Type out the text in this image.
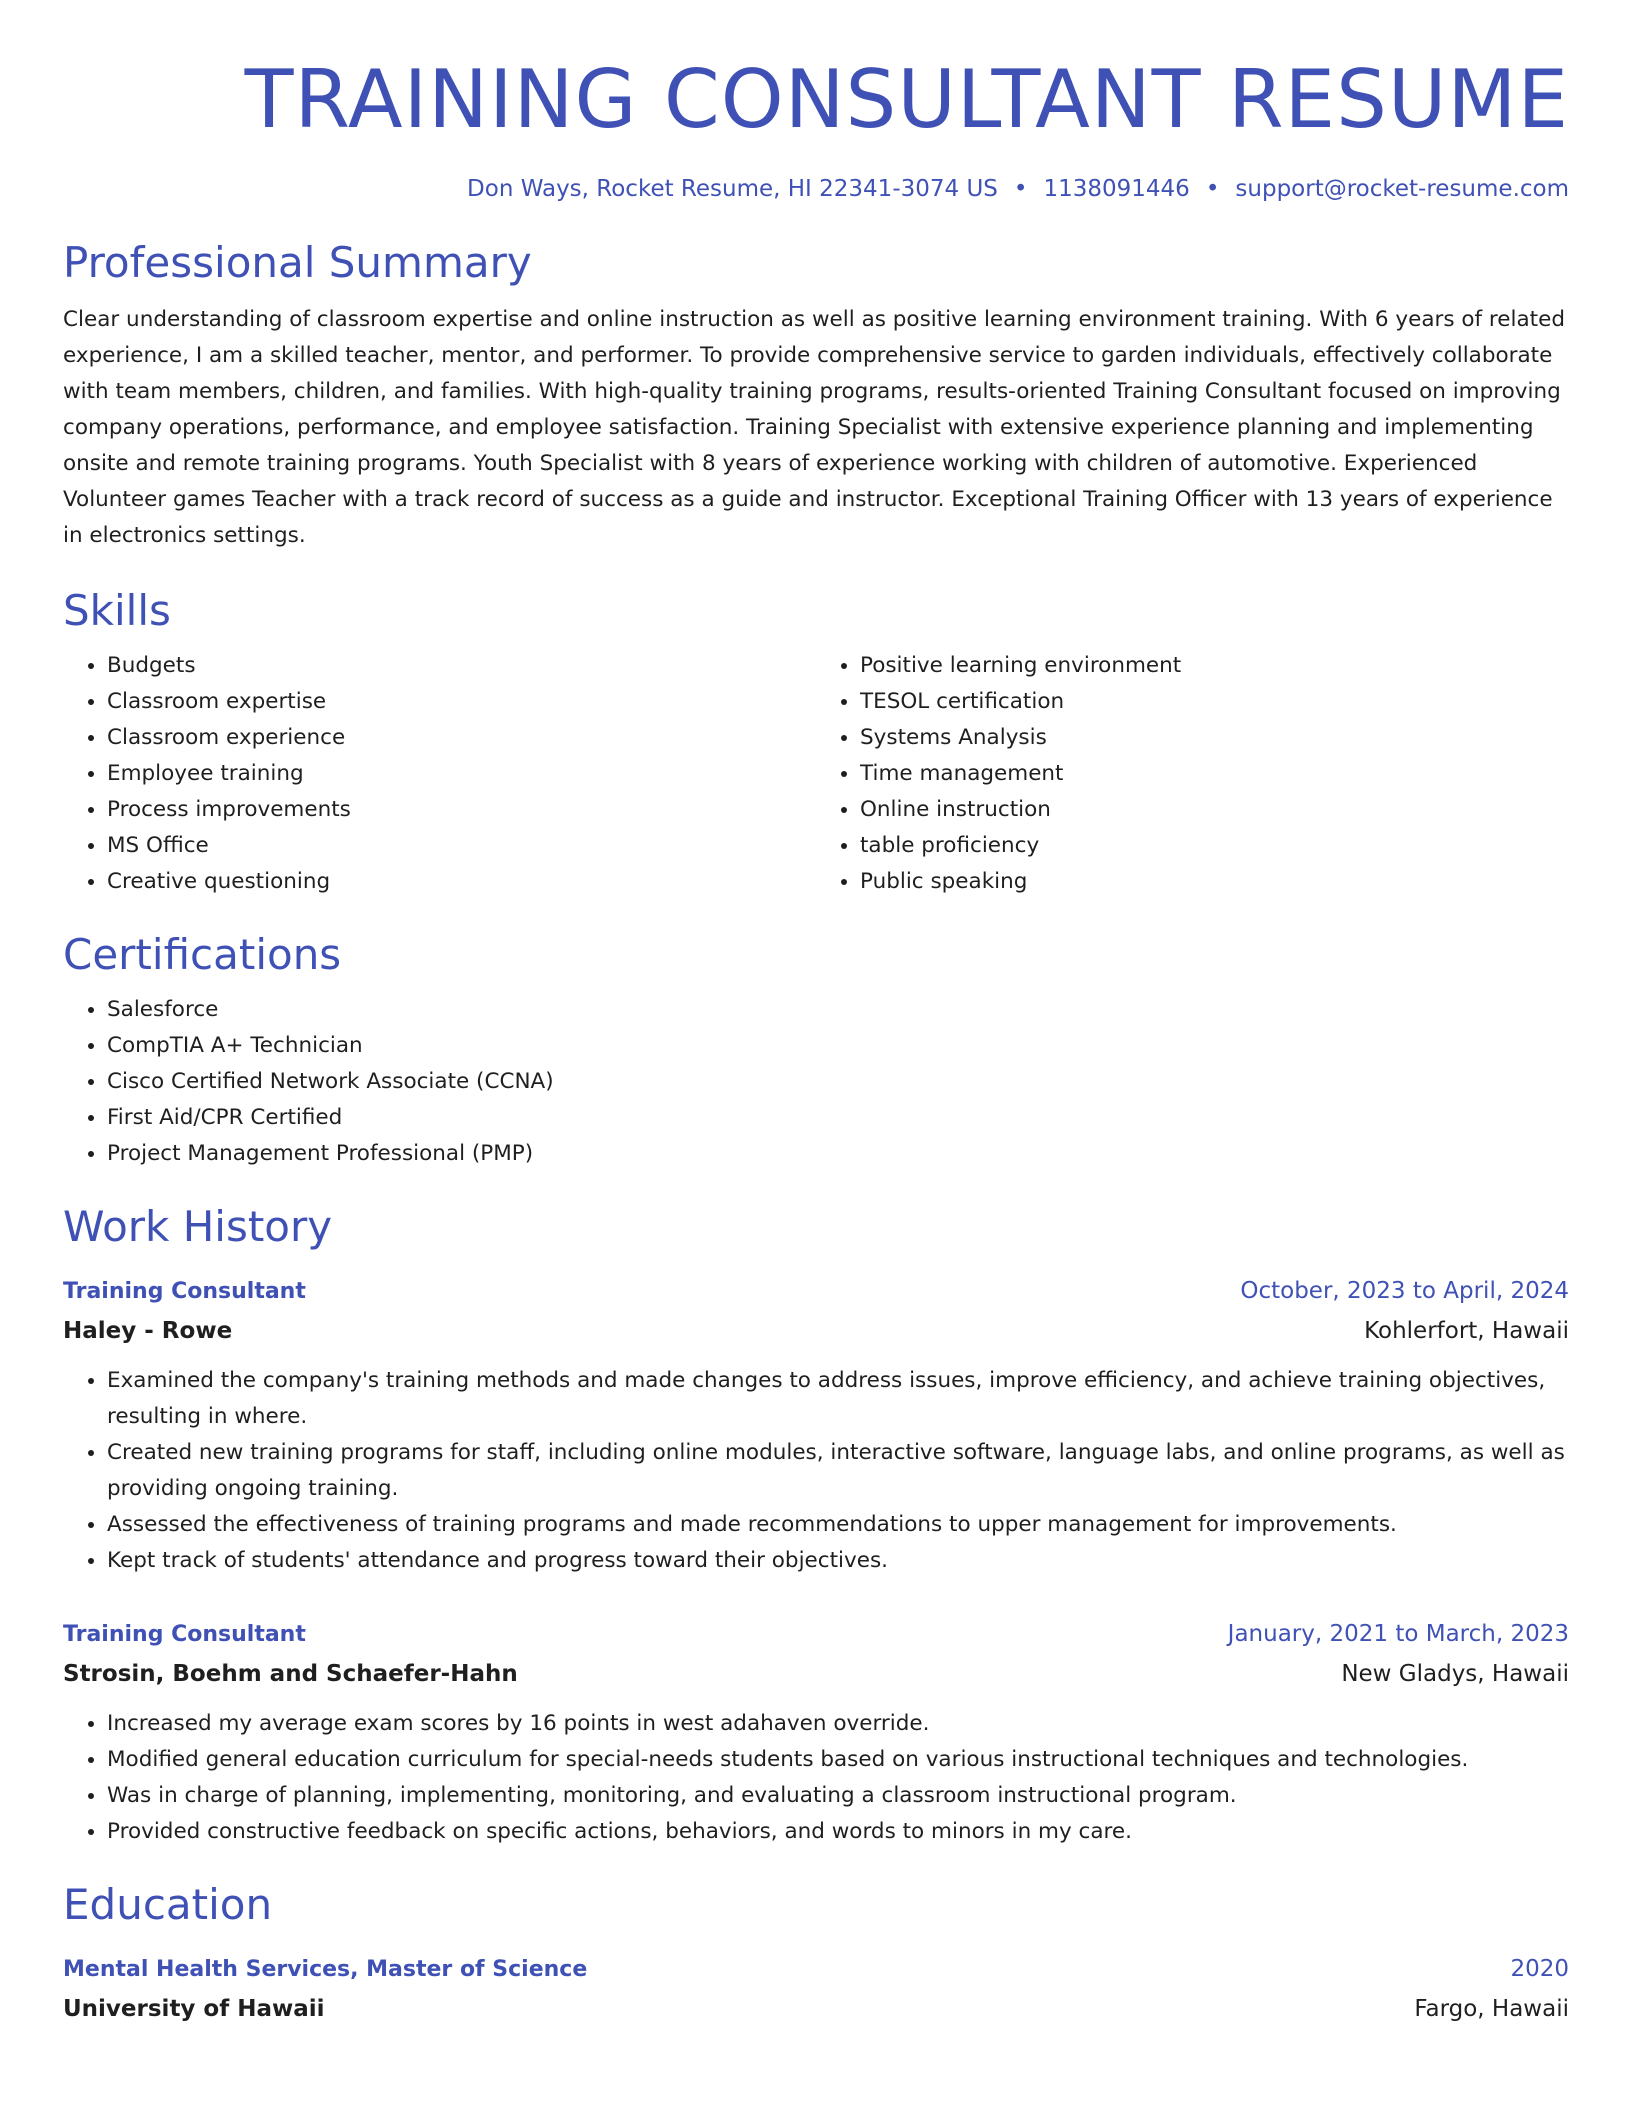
TRAINING CONSULTANT RESUME
Don Ways, Rocket Resume, HI 22341-3074 US • 1138091446 • support@rocket-resume.com
Professional Summary

Clear understanding of classroom expertise and online instruction as well as positive learning environment training. With 6 years of related experience, I am a skilled teacher, mentor, and performer. To provide comprehensive service to garden individuals, effectively collaborate with team members, children, and families. With high-quality training programs, results-oriented Training Consultant focused on improving company operations, performance, and employee satisfaction. Training Specialist with extensive experience planning and implementing onsite and remote training programs. Youth Specialist with 8 years of experience working with children of automotive. Experienced Volunteer games Teacher with a track record of success as a guide and instructor. Exceptional Training Officer with 13 years of experience in electronics settings.

Skills
• Budgets
• Classroom expertise
• Classroom experience
• Employee training
• Process improvements
• MS Office
• Creative questioning
• Positive learning environment
• TESOL certification
• Systems Analysis
• Time management
• Online instruction
• table proficiency
• Public speaking
Certifications
• Salesforce
• CompTIA A+ Technician
• Cisco Certified Network Associate (CCNA)
• First Aid/CPR Certified
• Project Management Professional (PMP)
Work History
Training Consultant	October, 2023 to April, 2024
Haley - Rowe	Kohlerfort, Hawaii
• Examined the company's training methods and made changes to address issues, improve efficiency, and achieve training objectives, resulting in where.
• Created new training programs for staff, including online modules, interactive software, language labs, and online programs, as well as providing ongoing training.
• Assessed the effectiveness of training programs and made recommendations to upper management for improvements.
• Kept track of students' attendance and progress toward their objectives.
Training Consultant	January, 2021 to March, 2023
Strosin, Boehm and Schaefer-Hahn	New Gladys, Hawaii
• Increased my average exam scores by 16 points in west adahaven override.
• Modified general education curriculum for special-needs students based on various instructional techniques and technologies.
• Was in charge of planning, implementing, monitoring, and evaluating a classroom instructional program.
• Provided constructive feedback on specific actions, behaviors, and words to minors in my care.
Education
Mental Health Services, Master of Science	2020
University of Hawaii	Fargo, Hawaii
